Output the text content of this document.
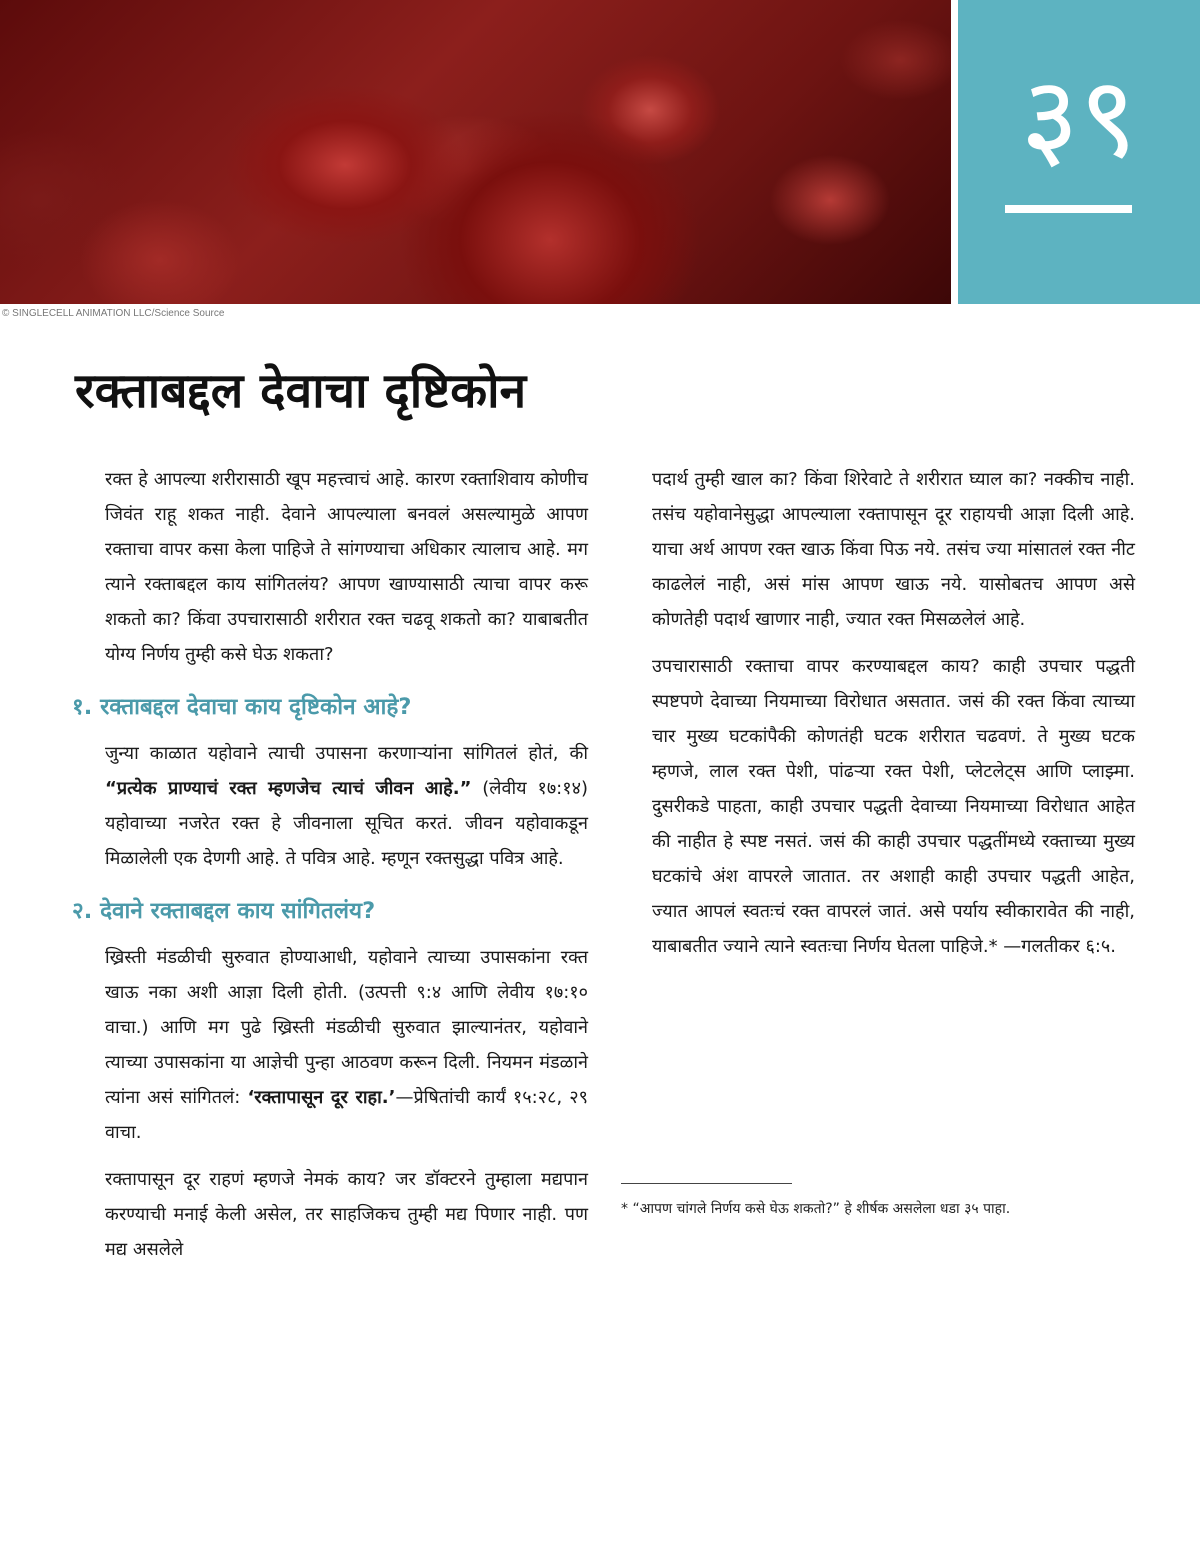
३९
© SINGLECELL ANIMATION LLC/Science Source
रक्ताबद्दल देवाचा दृष्टिकोन

रक्त हे आपल्या शरीरासाठी खूप महत्त्वाचं आहे. कारण रक्ताशिवाय कोणीच जिवंत राहू शकत नाही. देवाने आपल्याला बनवलं असल्यामुळे आपण रक्ताचा वापर कसा केला पाहिजे ते सांगण्याचा अधिकार त्यालाच आहे. मग त्याने रक्ताबद्दल काय सांगितलंय? आपण खाण्यासाठी त्याचा वापर करू शकतो का? किंवा उपचारासाठी शरीरात रक्त चढवू शकतो का? याबाबतीत योग्य निर्णय तुम्ही कसे घेऊ शकता?

१. रक्ताबद्दल देवाचा काय दृष्टिकोन आहे?

जुन्या काळात यहोवाने त्याची उपासना करणाऱ्यांना सांगितलं होतं, की “प्रत्येक प्राण्याचं रक्त म्हणजेच त्याचं जीवन आहे.” (लेवीय १७:१४) यहोवाच्या नजरेत रक्त हे जीवनाला सूचित करतं. जीवन यहोवाकडून मिळालेली एक देणगी आहे. ते पवित्र आहे. म्हणून रक्तसुद्धा पवित्र आहे.

२. देवाने रक्ताबद्दल काय सांगितलंय?

ख्रिस्ती मंडळीची सुरुवात होण्याआधी, यहोवाने त्याच्या उपासकांना रक्त खाऊ नका अशी आज्ञा दिली होती. (उत्पत्ती ९:४ आणि लेवीय १७:१० वाचा.) आणि मग पुढे ख्रिस्ती मंडळीची सुरुवात झाल्यानंतर, यहोवाने त्याच्या उपासकांना या आज्ञेची पुन्हा आठवण करून दिली. नियमन मंडळाने त्यांना असं सांगितलं: ‘रक्तापासून दूर राहा.’—प्रेषितांची कार्यं १५:२८, २९ वाचा.

रक्तापासून दूर राहणं म्हणजे नेमकं काय? जर डॉक्टरने तुम्हाला मद्यपान करण्याची मनाई केली असेल, तर साहजिकच तुम्ही मद्य पिणार नाही. पण मद्य असलेले

पदार्थ तुम्ही खाल का? किंवा शिरेवाटे ते शरीरात घ्याल का? नक्कीच नाही. तसंच यहोवानेसुद्धा आपल्याला रक्तापासून दूर राहायची आज्ञा दिली आहे. याचा अर्थ आपण रक्त खाऊ किंवा पिऊ नये. तसंच ज्या मांसातलं रक्त नीट काढलेलं नाही, असं मांस आपण खाऊ नये. यासोबतच आपण असे कोणतेही पदार्थ खाणार नाही, ज्यात रक्त मिसळलेलं आहे.

उपचारासाठी रक्ताचा वापर करण्याबद्दल काय? काही उपचार पद्धती स्पष्टपणे देवाच्या नियमाच्या विरोधात असतात. जसं की रक्त किंवा त्याच्या चार मुख्य घटकांपैकी कोणतंही घटक शरीरात चढवणं. ते मुख्य घटक म्हणजे, लाल रक्त पेशी, पांढऱ्या रक्त पेशी, प्लेटलेट्स आणि प्लाझ्मा. दुसरीकडे पाहता, काही उपचार पद्धती देवाच्या नियमाच्या विरोधात आहेत की नाहीत हे स्पष्ट नसतं. जसं की काही उपचार पद्धतींमध्ये रक्ताच्या मुख्य घटकांचे अंश वापरले जातात. तर अशाही काही उपचार पद्धती आहेत, ज्यात आपलं स्वतःचं रक्त वापरलं जातं. असे पर्याय स्वीकारावेत की नाही, याबाबतीत ज्याने त्याने स्वतःचा निर्णय घेतला पाहिजे.* —गलतीकर ६:५.

* “आपण चांगले निर्णय कसे घेऊ शकतो?” हे शीर्षक असलेला धडा ३५ पाहा.
